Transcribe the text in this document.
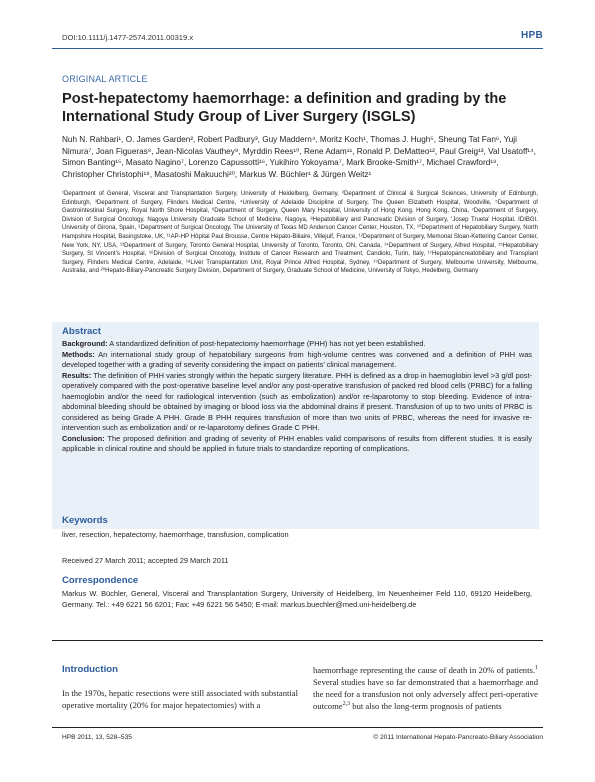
DOI:10.1111/j.1477-2574.2011.00319.x	HPB
ORIGINAL ARTICLE
Post-hepatectomy haemorrhage: a definition and grading by the International Study Group of Liver Surgery (ISGLS)
Nuh N. Rahbari¹, O. James Garden², Robert Padbury³, Guy Maddern⁴, Moritz Koch¹, Thomas J. Hugh⁵, Sheung Tat Fan⁶, Yuji Nimura⁷, Joan Figueras⁸, Jean-Nicolas Vauthey⁹, Myrddin Rees¹⁰, Rene Adam¹¹, Ronald P. DeMatteo¹², Paul Greig¹³, Val Usatoff¹⁴, Simon Banting¹⁵, Masato Nagino⁷, Lorenzo Capussotti¹⁶, Yukihiro Yokoyama⁷, Mark Brooke-Smith¹⁷, Michael Crawford¹⁸, Christopher Christophi¹⁹, Masatoshi Makuuchi²⁰, Markus W. Büchler¹ & Jürgen Weitz¹
¹Department of General, Visceral and Transplantation Surgery, University of Heidelberg, Germany, ²Department of Clinical & Surgical Sciences, University of Edinburgh, Edinburgh, ³Department of Surgery, Flinders Medical Centre, ⁴University of Adelaide Discipline of Surgery, The Queen Elizabeth Hospital, Woodville, ⁵Department of Gastrointestinal Surgery, Royal North Shore Hospital, ⁶Department of Surgery, Queen Mary Hospital, University of Hong Kong, Hong Kong, China, ⁷Department of Surgery, Division of Surgical Oncology, Nagoya University Graduate School of Medicine, Nagoya, ⁸Hepatobiliary and Pancreatic Division of Surgery, ‘Josep Trueta’ Hospital. IDIBGI. University of Girona, Spain, ⁹Department of Surgical Oncology, The University of Texas MD Anderson Cancer Center, Houston, TX, ¹⁰Department of Hepatobiliary Surgery, North Hampshire Hospital, Basingstoke, UK, ¹¹AP-HP Hôpital Paul Brousse, Centre Hépato-Biliaire, Villejuif, France, ¹²Department of Surgery, Memorial Sloan-Kettering Cancer Center, New York, NY, USA, ¹³Department of Surgery, Toronto General Hospital, University of Toronto, Toronto, ON, Canada, ¹⁴Department of Surgery, Alfred Hospital, ¹⁵Hepatobiliary Surgery, St Vincent’s Hospital, ¹⁶Division of Surgical Oncology, Institute of Cancer Research and Treatment, Candiolo, Turin, Italy, ¹⁷Hepatopancreatobiliary and Transplant Surgery, Flinders Medical Centre, Adelaide, ¹⁸Liver Transplantation Unit, Royal Prince Alfred Hospital, Sydney, ¹⁹Department of Surgery, Melbourne University, Melbourne, Australia, and ²⁰Hepato-Biliary-Pancreatic Surgery Division, Department of Surgery, Graduate School of Medicine, University of Tokyo, Hedelberg, Germany
Abstract

Background: A standardized definition of post-hepatectomy haemorrhage (PHH) has not yet been established.

Methods: An international study group of hepatobiliary surgeons from high-volume centres was convened and a definition of PHH was developed together with a grading of severity considering the impact on patients’ clinical management.

Results: The definition of PHH varies strongly within the hepatic surgery literature. PHH is defined as a drop in haemoglobin level >3 g/dl post-operatively compared with the post-operative baseline level and/or any post-operative transfusion of packed red blood cells (PRBC) for a falling haemoglobin and/or the need for radiological intervention (such as embolization) and/or re-laparotomy to stop bleeding. Evidence of intra-abdominal bleeding should be obtained by imaging or blood loss via the abdominal drains if present. Transfusion of up to two units of PRBC is considered as being Grade A PHH. Grade B PHH requires transfusion of more than two units of PRBC, whereas the need for invasive re-intervention such as embolization and/ or re-laparotomy defines Grade C PHH.

Conclusion: The proposed definition and grading of severity of PHH enables valid comparisons of results from different studies. It is easily applicable in clinical routine and should be applied in future trials to standardize reporting of complications.

Keywords
liver, resection, hepatectomy, haemorrhage, transfusion, complication
Received 27 March 2011; accepted 29 March 2011
Correspondence
Markus W. Büchler, General, Visceral and Transplantation Surgery, University of Heidelberg, Im Neuenheimer Feld 110, 69120 Heidelberg, Germany. Tel.: +49 6221 56 6201; Fax: +49 6221 56 5450; E-mail: markus.buechler@med.uni-heidelberg.de
Introduction

In the 1970s, hepatic resections were still associated with substantial operative mortality (20% for major hepatectomies) with a

haemorrhage representing the cause of death in 20% of patients.$^1$ Several studies have so far demonstrated that a haemorrhage and the need for a transfusion not only adversely affect peri-operative outcome$^{2,3}$ but also the long-term prognosis of patients

HPB 2011, 13, 528–535	© 2011 International Hepato-Pancreato-Biliary Association
